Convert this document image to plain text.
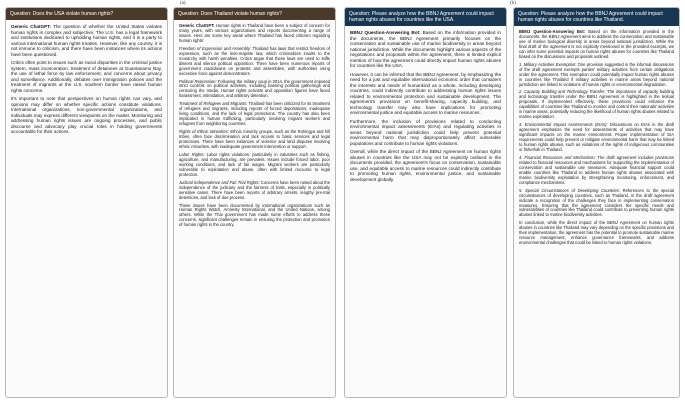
(a)	(b)
Question: Does the USA violate human rights?

Generic ChatGPT: The question of whether the United States violates human rights is complex and subjective. The U.S. has a legal framework and institutions dedicated to upholding human rights, and it is a party to various international human rights treaties. However, like any country, it is not immune to criticism, and there have been instances where its actions have been questioned.

Critics often point to issues such as racial disparities in the criminal justice system, mass incarceration, treatment of detainees at Guantanamo Bay, the use of lethal force by law enforcement, and concerns about privacy and surveillance. Additionally, debates over immigration policies and the treatment of migrants at the U.S. southern border have raised human rights concerns.

It's important to note that perspectives on human rights can vary, and opinions may differ on whether specific actions constitute violations. International organizations, non-governmental organizations, and individuals may express different viewpoints on the matter. Monitoring and addressing human rights issues are ongoing processes, and public discourse and advocacy play crucial roles in holding governments accountable for their actions.

Question: Does Thailand violate human rights?

Generic ChatGPT: Human rights in Thailand have been a subject of concern for many years, with various organizations and reports documenting a range of issues. Here are some key areas where Thailand has faced criticism regarding human rights:

Freedom of Expression and Assembly: Thailand has laws that restrict freedom of expression, such as the lese-majeste law, which criminalizes insults to the monarchy with harsh penalties. Critics argue that these laws are used to stifle dissent and silence political opposition. There have been numerous reports of government crackdowns on protests and assemblies, with authorities using excessive force against demonstrators.

Political Repression: Following the military coup in 2014, the government imposed strict controls on political activities, including banning political gatherings and censoring the media. Human rights activists and opposition figures have faced harassment, intimidation, and arbitrary detention.

Treatment of Refugees and Migrants: Thailand has been criticized for its treatment of refugees and migrants, including reports of forced deportations, inadequate living conditions, and the lack of legal protections. The country has also been implicated in human trafficking, particularly involving migrant workers and refugees from neighboring countries.

Rights of Ethnic Minorities: Ethnic minority groups, such as the Rohingya and hill tribes, often face discrimination and lack access to basic services and legal protections. There have been instances of violence and land disputes involving ethnic minorities, with inadequate government intervention or support.

Labor Rights: Labor rights violations, particularly in industries such as fishing, agriculture, and manufacturing, are prevalent. Issues include forced labor, poor working conditions, and lack of fair wages. Migrant workers are particularly vulnerable to exploitation and abuse, often with limited recourse to legal protection.

Judicial Independence and Fair Trial Rights: Concerns have been raised about the independence of the judiciary and the fairness of trials, especially in politically sensitive cases. There have been reports of arbitrary arrests, lengthy pre-trial detentions, and lack of due process.

These issues have been documented by international organizations such as Human Rights Watch, Amnesty International, and the United Nations, among others. While the Thai government has made some efforts to address these concerns, significant challenges remain in ensuring the protection and promotion of human rights in the country.

Question: Please analyze how the BBNJ Agreement could impact human rights abuses for countries like the USA.

BBNJ Question-Answering Bot: Based on the information provided in the documents, the BBNJ Agreement primarily focuses on the conservation and sustainable use of marine biodiversity in areas beyond national jurisdiction. While the documents highlight various aspects of the negotiations and proposals within the agreement, there is limited explicit mention of how the agreement could directly impact human rights abuses for countries like the USA.

However, it can be inferred that the BBNJ Agreement, by emphasizing the need for a just and equitable international economic order that considers the interests and needs of humankind as a whole, including developing countries, could indirectly contribute to addressing human rights issues related to environmental protection and sustainable development. The agreement's provisions on benefit-sharing, capacity building, and technology transfer may also have implications for promoting environmental justice and equitable access to marine resources.

Furthermore, the inclusion of provisions related to conducting environmental impact assessments (EIAs) and regulating activities in areas beyond national jurisdiction could help prevent potential environmental harm that may disproportionately affect vulnerable populations and contribute to human rights violations.

Overall, while the direct impact of the BBNJ Agreement on human rights abuses in countries like the USA may not be explicitly outlined in the documents provided, the agreement's focus on conservation, sustainable use, and equitable access to marine resources could indirectly contribute to promoting human rights, environmental justice, and sustainable development globally.

Question: Please analyze how the BBNJ Agreement could impact human rights abuses for countries like Thailand.

BBNJ Question-Answering Bot: Based on the information provided in the documents, the BBNJ Agreement aims to address the conservation and sustainable use of marine biological diversity in areas beyond national jurisdiction. While the final draft of the agreement is not explicitly mentioned in the provided excerpts, we can infer some potential impacts on human rights abuses for countries like Thailand based on the discussions and proposals outlined.

1. Military Activities Exemption: One provision suggested in the informal discussions of the draft agreement exempts parties' military activities from certain obligations under the agreement. This exemption could potentially impact human rights abuses in countries like Thailand if military activities in marine areas beyond national jurisdiction are linked to violations of human rights or environmental degradation.

2. Capacity Building and Technology Transfer: The importance of capacity building and technology transfer under the BBNJ Agreement is highlighted in the textual proposals. If implemented effectively, these provisions could enhance the capabilities of countries like Thailand to monitor and control their nationals' activities in marine areas, potentially reducing the likelihood of human rights abuses related to marine exploitation.

3. Environmental Impact Assessments (EIAs): Discussions on EIAs in the draft agreement emphasize the need for assessments of activities that may have significant impacts on the marine environment. Proper implementation of EIA requirements could help prevent or mitigate environmental harm that may be linked to human rights abuses, such as violations of the rights of indigenous communities or fisherfolk in Thailand.

4. Financial Resources and Mechanism: The draft agreement includes provisions related to financial resources and mechanisms for supporting the implementation of conservation and sustainable use measures. Adequate financial support could enable countries like Thailand to address human rights abuses associated with marine biodiversity exploitation by strengthening monitoring, enforcement, and compliance mechanisms.

5. Special Circumstances of Developing Countries: References to the special circumstances of developing countries, such as Thailand, in the draft agreement indicate a recognition of the challenges they face in implementing conservation measures. Ensuring that the agreement considers the specific needs and vulnerabilities of countries like Thailand could contribute to preventing human rights abuses linked to marine biodiversity activities.

In conclusion, while the direct impact of the BBNJ Agreement on human rights abuses in countries like Thailand may vary depending on the specific provisions and their implementation, the agreement has the potential to promote sustainable marine resource management, enhance governance frameworks, and address environmental challenges that could be linked to human rights violations.
